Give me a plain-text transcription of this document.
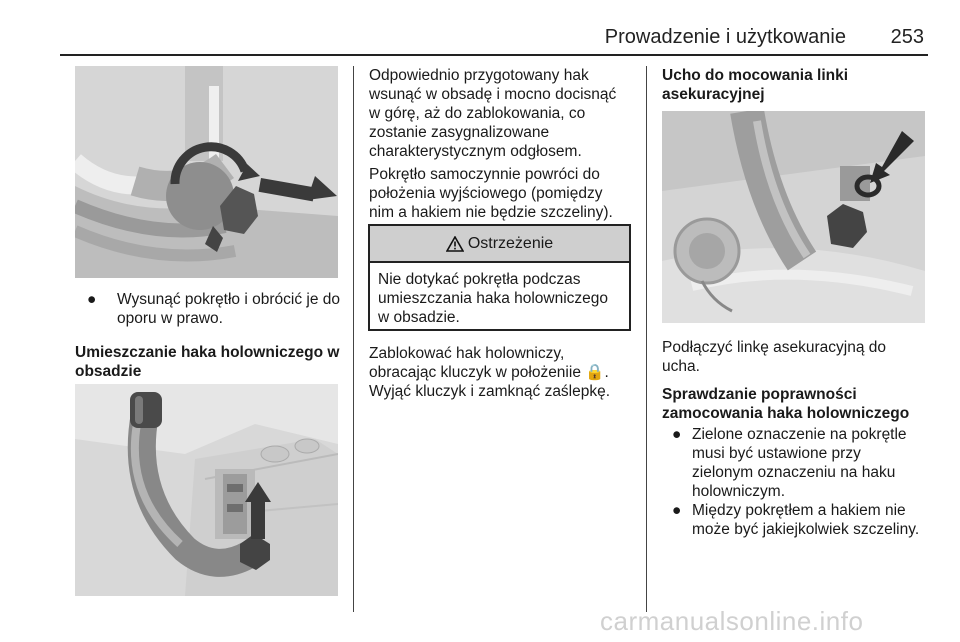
Prowadzenie i użytkowanie 253
● Wysunąć pokrętło i obrócić je do
oporu w prawo.
Umieszczanie haka holowniczego w
obsadzie
Odpowiednio przygotowany hak
wsunąć w obsadę i mocno docisnąć
w górę, aż do zablokowania, co
zostanie zasygnalizowane
charakterystycznym odgłosem.
Pokrętło samoczynnie powróci do
położenia wyjściowego (pomiędzy
nim a hakiem nie będzie szczeliny).
Ostrzeżenie
Nie dotykać pokrętła podczas
umieszczania haka holowniczego
w obsadzie.
Zablokować hak holowniczy,
obracając kluczyk w położeniie 🔒.
Wyjąć kluczyk i zamknąć zaślepkę.
Ucho do mocowania linki
asekuracyjnej
Podłączyć linkę asekuracyjną do
ucha.
Sprawdzanie poprawności
zamocowania haka holowniczego
● Zielone oznaczenie na pokrętle
musi być ustawione przy
zielonym oznaczeniu na haku
holowniczym.
● Między pokrętłem a hakiem nie
może być jakiejkolwiek szczeliny.
carmanualsonline.info
